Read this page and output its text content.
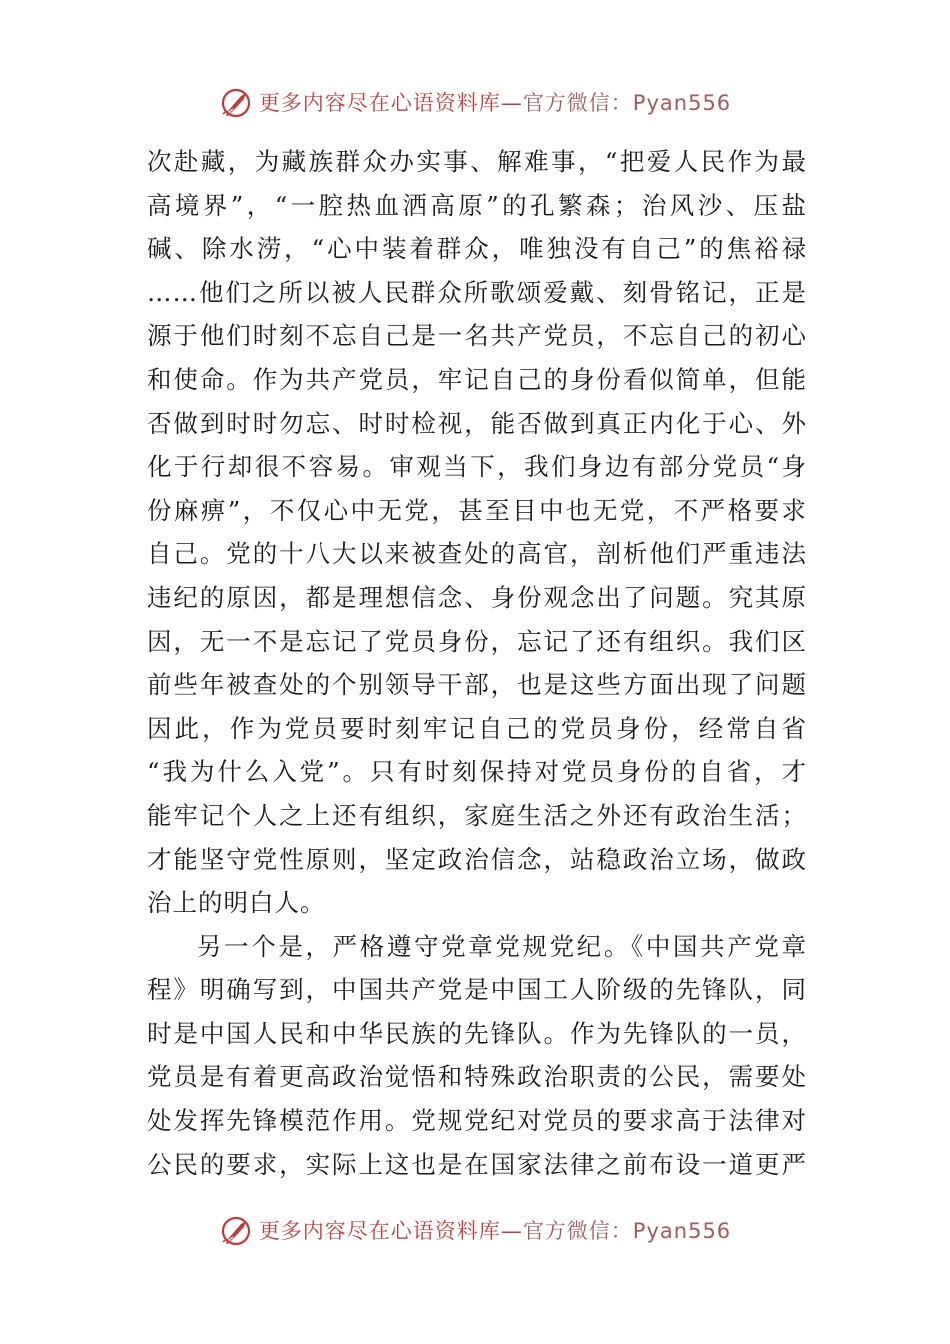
更多内容尽在心语资料库—官方微信：Pyan556
次赴藏，为藏族群众办实事、解难事，“把爱人民作为最
高境界”，“一腔热血洒高原”的孔繁森；治风沙、压盐
碱、除水涝，“心中装着群众，唯独没有自己”的焦裕禄
……他们之所以被人民群众所歌颂爱戴、刻骨铭记，正是
源于他们时刻不忘自己是一名共产党员，不忘自己的初心
和使命。作为共产党员，牢记自己的身份看似简单，但能
否做到时时勿忘、时时检视，能否做到真正内化于心、外
化于行却很不容易。审观当下，我们身边有部分党员“身
份麻痹”，不仅心中无党，甚至目中也无党，不严格要求
自己。党的十八大以来被查处的高官，剖析他们严重违法
违纪的原因，都是理想信念、身份观念出了问题。究其原
因，无一不是忘记了党员身份，忘记了还有组织。我们区
前些年被查处的个别领导干部，也是这些方面出现了问题
因此，作为党员要时刻牢记自己的党员身份，经常自省
“我为什么入党”。只有时刻保持对党员身份的自省，才
能牢记个人之上还有组织，家庭生活之外还有政治生活；
才能坚守党性原则，坚定政治信念，站稳政治立场，做政
治上的明白人。
另一个是，严格遵守党章党规党纪。《中国共产党章
程》明确写到，中国共产党是中国工人阶级的先锋队，同
时是中国人民和中华民族的先锋队。作为先锋队的一员，
党员是有着更高政治觉悟和特殊政治职责的公民，需要处
处发挥先锋模范作用。党规党纪对党员的要求高于法律对
公民的要求，实际上这也是在国家法律之前布设一道更严
更多内容尽在心语资料库—官方微信：Pyan556
